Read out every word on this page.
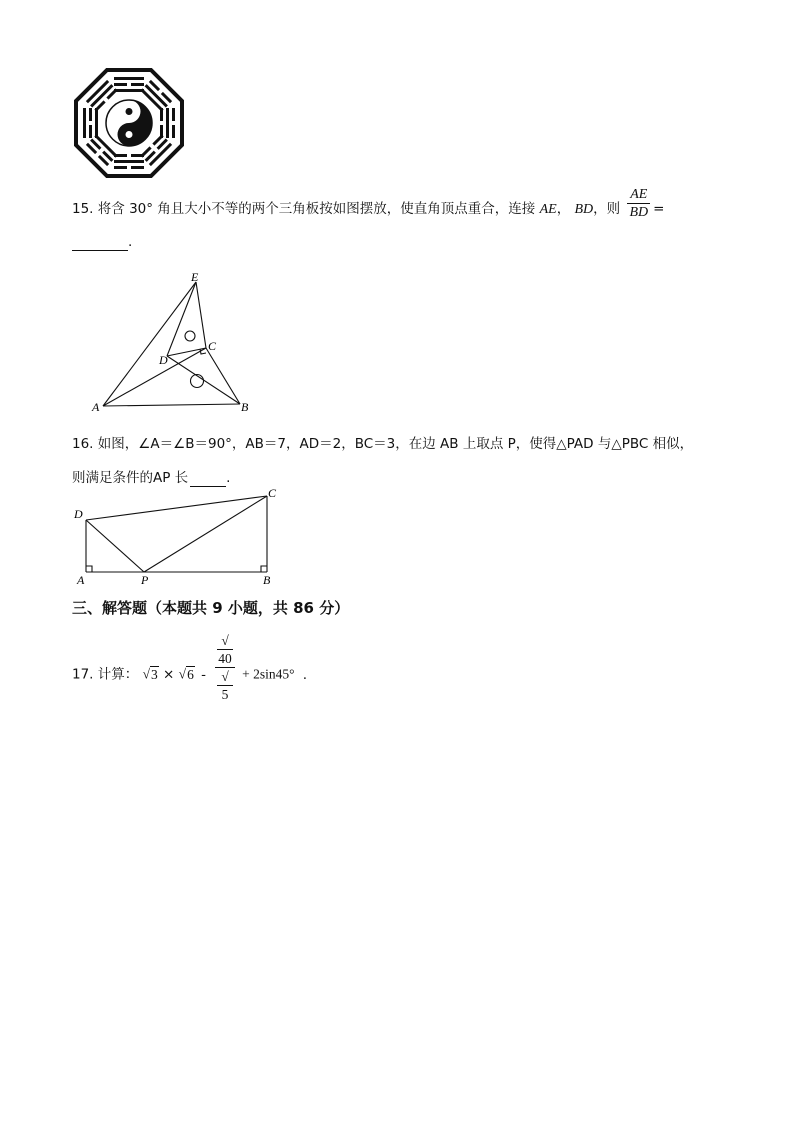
15. 将含 30° 角且大小不等的两个三角板按如图摆放，使直角顶点重合，连接 AE， BD，则 $\frac{AE}{BD}$ =
.
E
C
D
A	B
16. 如图，∠A＝∠B＝90°，AB＝7，AD＝2，BC＝3，在边 AB 上取点 P，使得△PAD 与△PBC 相似，
则满足条件的AP 长	.
D
C
A	P	B
三、解答题（本题共 9 小题，共 86 分）
17. 计算： √3 × √6 - √
40
√
5 + 2sin45° .
